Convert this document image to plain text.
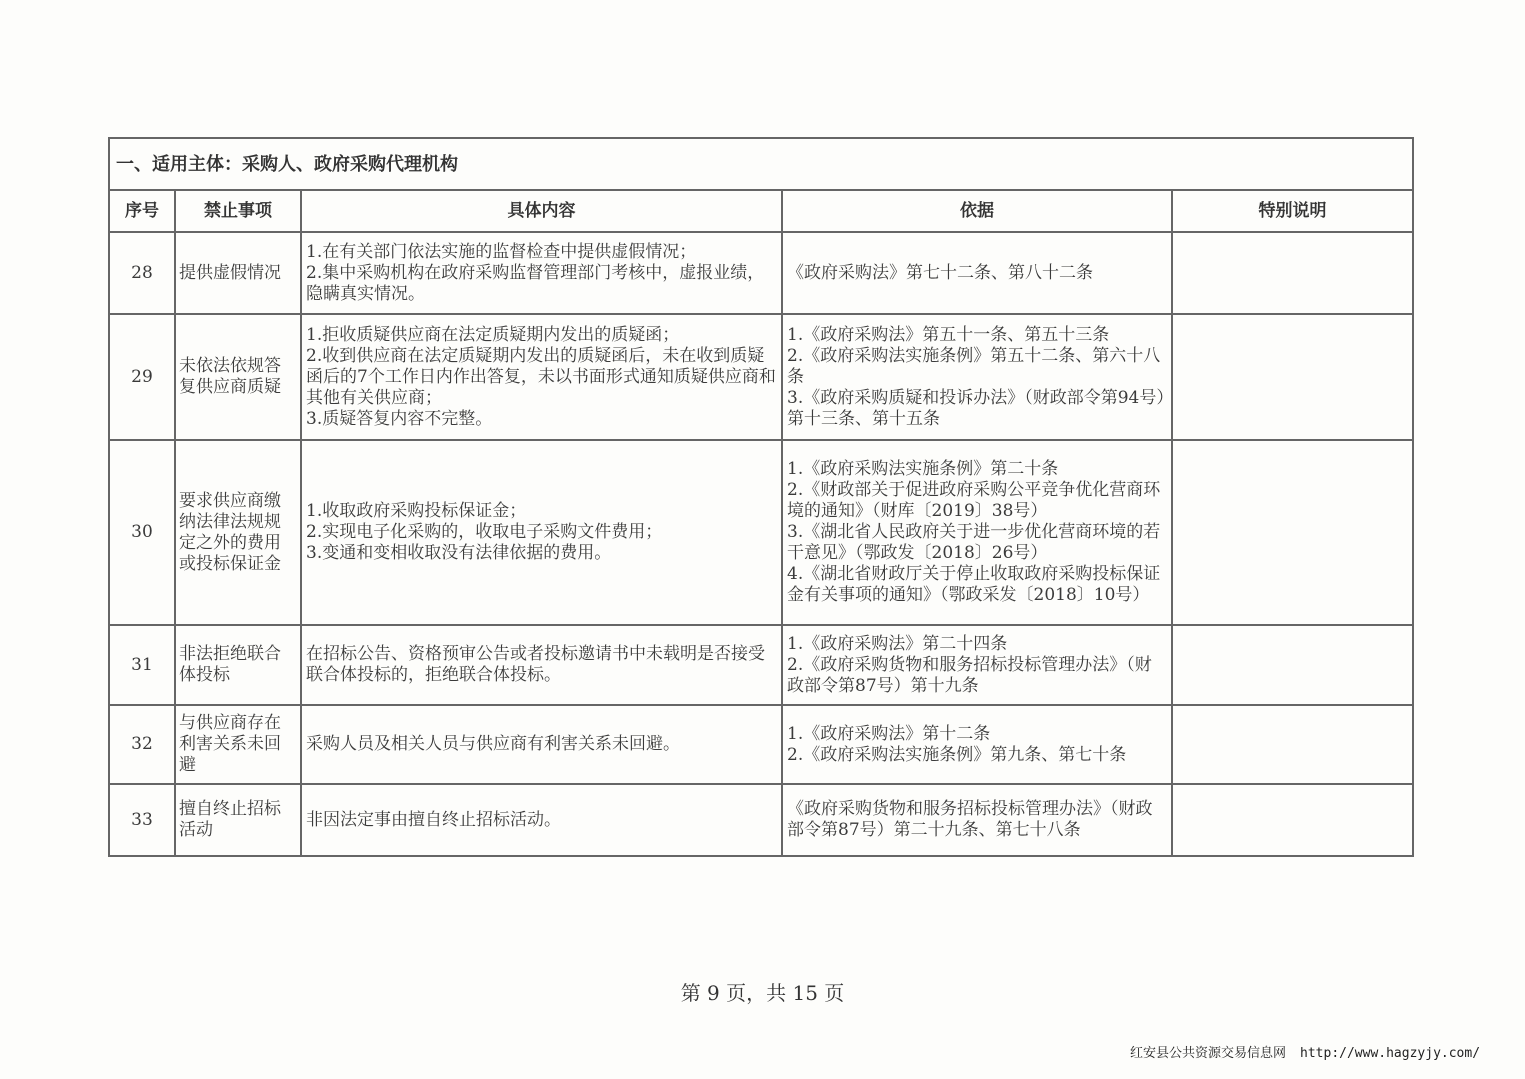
一、适用主体：采购人、政府采购代理机构				
序号	禁止事项	具体内容	依据	特别说明
28	提供虚假情况	1.在有关部门依法实施的监督检查中提供虚假情况；
2.集中采购机构在政府采购监督管理部门考核中，虚报业绩，隐瞒真实情况。	《政府采购法》第七十二条、第八十二条	

29	未依法依规答复供应商质疑	1.拒收质疑供应商在法定质疑期内发出的质疑函；
2.收到供应商在法定质疑期内发出的质疑函后，未在收到质疑函后的7个工作日内作出答复，未以书面形式通知质疑供应商和其他有关供应商；
3.质疑答复内容不完整。	1.《政府采购法》第五十一条、第五十三条
2.《政府采购法实施条例》第五十二条、第六十八条
3.《政府采购质疑和投诉办法》（财政部令第94号）第十三条、第十五条	

30	要求供应商缴纳法律法规规定之外的费用或投标保证金	1.收取政府采购投标保证金；
2.实现电子化采购的，收取电子采购文件费用；
3.变通和变相收取没有法律依据的费用。	1.《政府采购法实施条例》第二十条
2.《财政部关于促进政府采购公平竞争优化营商环境的通知》（财库〔2019〕38号）
3.《湖北省人民政府关于进一步优化营商环境的若干意见》（鄂政发〔2018〕26号）
4.《湖北省财政厅关于停止收取政府采购投标保证金有关事项的通知》（鄂政采发〔2018〕10号）	

31	非法拒绝联合体投标	在招标公告、资格预审公告或者投标邀请书中未载明是否接受联合体投标的，拒绝联合体投标。	1.《政府采购法》第二十四条
2.《政府采购货物和服务招标投标管理办法》（财政部令第87号）第十九条	

32	与供应商存在利害关系未回避	采购人员及相关人员与供应商有利害关系未回避。	1.《政府采购法》第十二条
2.《政府采购法实施条例》第九条、第七十条	

33	擅自终止招标活动	非因法定事由擅自终止招标活动。	《政府采购货物和服务招标投标管理办法》（财政部令第87号）第二十九条、第七十八条	

第 9 页，共 15 页
红安县公共资源交易信息网 http://www.hagzyjy.com/
